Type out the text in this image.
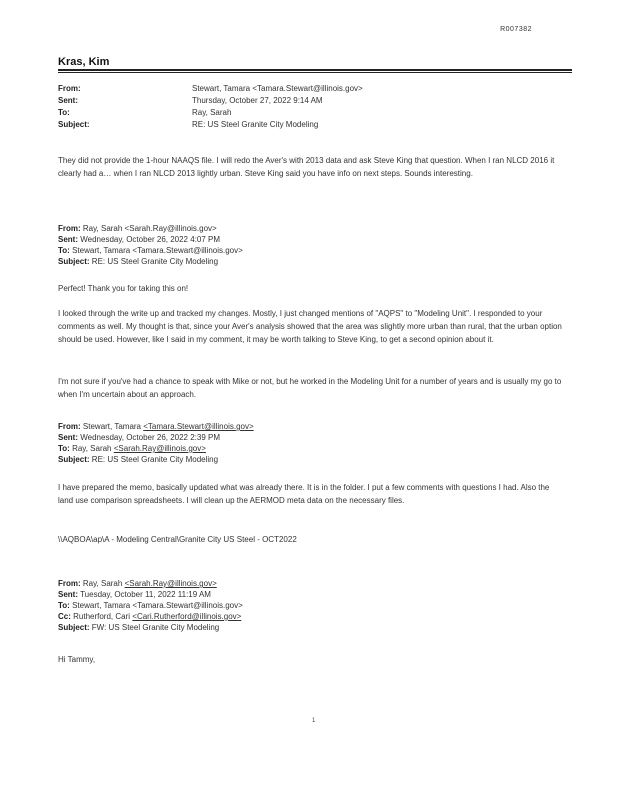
R007382
Kras, Kim
From:	Stewart, Tamara <Tamara.Stewart@illinois.gov>
Sent:	Thursday, October 27, 2022 9:14 AM
To:	Ray, Sarah
Subject:	RE: US Steel Granite City Modeling

They did not provide the 1-hour NAAQS file. I will redo the Aver's with 2013 data and ask Steve King that question. When I ran NLCD 2016 it clearly had a… when I ran NLCD 2013 lightly urban. Steve King said you have info on next steps. Sounds interesting.

From: Ray, Sarah <Sarah.Ray@illinois.gov>
Sent: Wednesday, October 26, 2022 4:07 PM
To: Stewart, Tamara <Tamara.Stewart@illinois.gov>
Subject: RE: US Steel Granite City Modeling

Perfect! Thank you for taking this on!

I looked through the write up and tracked my changes. Mostly, I just changed mentions of "AQPS" to "Modeling Unit". I responded to your comments as well. My thought is that, since your Aver's analysis showed that the area was slightly more urban than rural, that the urban option should be used. However, like I said in my comment, it may be worth talking to Steve King, to get a second opinion about it.

I'm not sure if you've had a chance to speak with Mike or not, but he worked in the Modeling Unit for a number of years and is usually my go to when I'm uncertain about an approach.

From: Stewart, Tamara <Tamara.Stewart@illinois.gov>
Sent: Wednesday, October 26, 2022 2:39 PM
To: Ray, Sarah <Sarah.Ray@illinois.gov>
Subject: RE: US Steel Granite City Modeling

I have prepared the memo, basically updated what was already there. It is in the folder. I put a few comments with questions I had. Also the land use comparison spreadsheets. I will clean up the AERMOD meta data on the necessary files.

\\AQBOA\ap\A - Modeling Central\Granite City US Steel - OCT2022

From: Ray, Sarah <Sarah.Ray@illinois.gov>
Sent: Tuesday, October 11, 2022 11:19 AM
To: Stewart, Tamara <Tamara.Stewart@illinois.gov>
Cc: Rutherford, Cari <Cari.Rutherford@illinois.gov>
Subject: FW: US Steel Granite City Modeling

Hi Tammy,

1
